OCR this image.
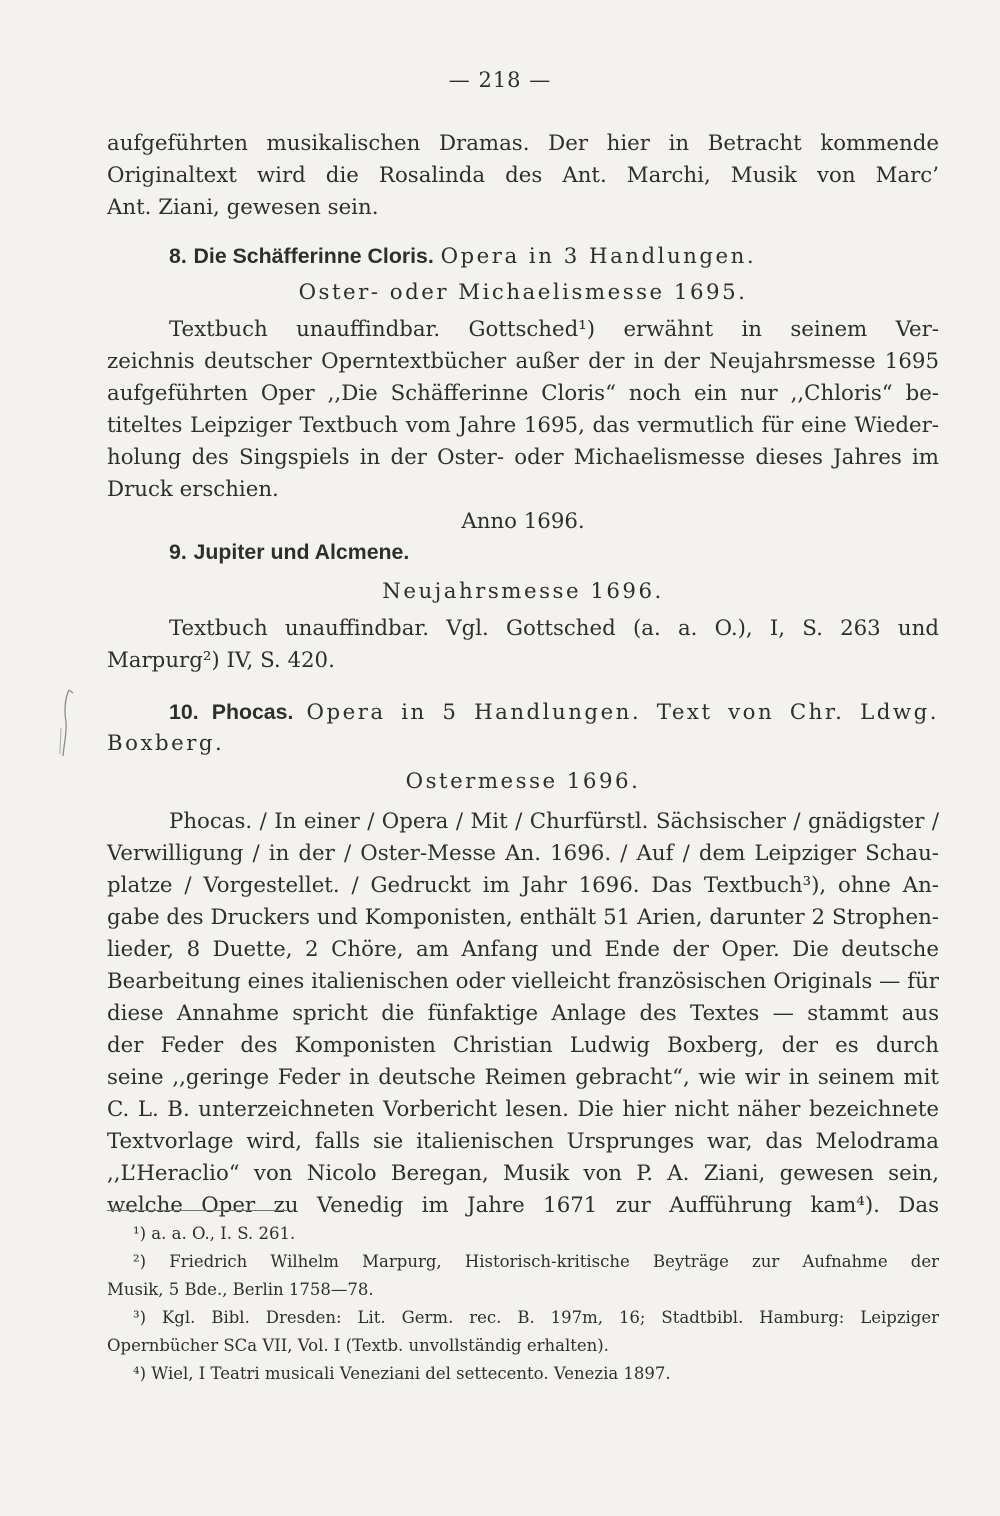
— 218 —
aufgeführten musikalischen Dramas. Der hier in Betracht kommende
Originaltext wird die Rosalinda des Ant. Marchi, Musik von Marc’
Ant. Ziani, gewesen sein.
8. Die Schäfferinne Cloris. Opera in 3 Handlungen.
Oster- oder Michaelismesse 1695.
Textbuch unauffindbar. Gottsched¹) erwähnt in seinem Ver-
zeichnis deutscher Operntextbücher außer der in der Neujahrsmesse 1695
aufgeführten Oper ,,Die Schäfferinne Cloris“ noch ein nur ,,Chloris“ be-
titeltes Leipziger Textbuch vom Jahre 1695, das vermutlich für eine Wieder-
holung des Singspiels in der Oster- oder Michaelismesse dieses Jahres im
Druck erschien.
Anno 1696.
9. Jupiter und Alcmene.
Neujahrsmesse 1696.
Textbuch unauffindbar. Vgl. Gottsched (a. a. O.), I, S. 263 und
Marpurg²) IV, S. 420.
10. Phocas. Opera in 5 Handlungen. Text von Chr. Ldwg.
Boxberg.
Ostermesse 1696.
Phocas. / In einer / Opera / Mit / Churfürstl. Sächsischer / gnädigster /
Verwilligung / in der / Oster-Messe An. 1696. / Auf / dem Leipziger Schau-
platze / Vorgestellet. / Gedruckt im Jahr 1696. Das Textbuch³), ohne An-
gabe des Druckers und Komponisten, enthält 51 Arien, darunter 2 Strophen-
lieder, 8 Duette, 2 Chöre, am Anfang und Ende der Oper. Die deutsche
Bearbeitung eines italienischen oder vielleicht französischen Originals — für
diese Annahme spricht die fünfaktige Anlage des Textes — stammt aus
der Feder des Komponisten Christian Ludwig Boxberg, der es durch
seine ,,geringe Feder in deutsche Reimen gebracht“, wie wir in seinem mit
C. L. B. unterzeichneten Vorbericht lesen. Die hier nicht näher bezeichnete
Textvorlage wird, falls sie italienischen Ursprunges war, das Melodrama
,,L’Heraclio“ von Nicolo Beregan, Musik von P. A. Ziani, gewesen sein,
welche Oper zu Venedig im Jahre 1671 zur Aufführung kam⁴). Das
¹) a. a. O., I. S. 261.
²) Friedrich Wilhelm Marpurg, Historisch-kritische Beyträge zur Aufnahme der
Musik, 5 Bde., Berlin 1758—78.
³) Kgl. Bibl. Dresden: Lit. Germ. rec. B. 197m, 16; Stadtbibl. Hamburg: Leipziger
Opernbücher SCa VII, Vol. I (Textb. unvollständig erhalten).
⁴) Wiel, I Teatri musicali Veneziani del settecento. Venezia 1897.
